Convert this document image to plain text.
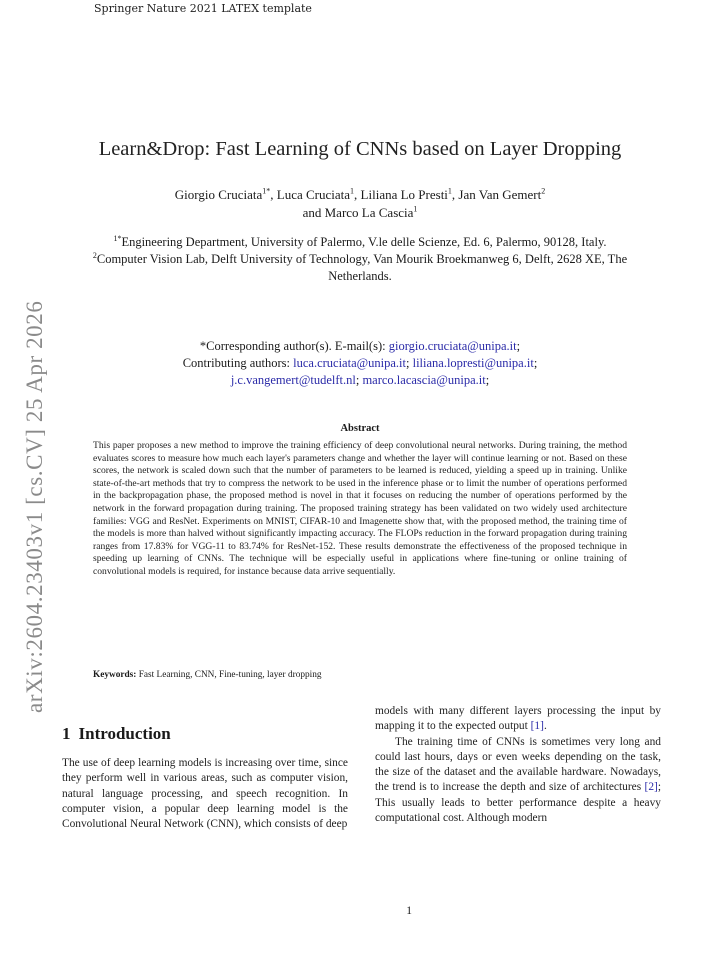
Springer Nature 2021 LATEX template
arXiv:2604.23403v1 [cs.CV] 25 Apr 2026
Learn&Drop: Fast Learning of CNNs based on Layer Dropping
Giorgio Cruciata$^{1*}$, Luca Cruciata$^1$, Liliana Lo Presti$^1$, Jan Van Gemert$^2$
and Marco La Cascia$^1$
$^{1*}$Engineering Department, University of Palermo, V.le delle Scienze, Ed. 6, Palermo, 90128, Italy.
$^2$Computer Vision Lab, Delft University of Technology, Van Mourik Broekmanweg 6, Delft, 2628 XE, The Netherlands.
*Corresponding author(s). E-mail(s): giorgio.cruciata@unipa.it;
Contributing authors: luca.cruciata@unipa.it; liliana.lopresti@unipa.it;
j.c.vangemert@tudelft.nl; marco.lacascia@unipa.it;
Abstract
This paper proposes a new method to improve the training efficiency of deep convolutional neural networks. During training, the method evaluates scores to measure how much each layer's parameters change and whether the layer will continue learning or not. Based on these scores, the network is scaled down such that the number of parameters to be learned is reduced, yielding a speed up in training. Unlike state-of-the-art methods that try to compress the network to be used in the inference phase or to limit the number of operations performed in the backpropagation phase, the proposed method is novel in that it focuses on reducing the number of operations performed by the network in the forward propagation during training. The proposed training strategy has been validated on two widely used architecture families: VGG and ResNet. Experiments on MNIST, CIFAR-10 and Imagenette show that, with the proposed method, the training time of the models is more than halved without significantly impacting accuracy. The FLOPs reduction in the forward propagation during training ranges from 17.83% for VGG-11 to 83.74% for ResNet-152. These results demonstrate the effectiveness of the proposed technique in speeding up learning of CNNs. The technique will be especially useful in applications where fine-tuning or online training of convolutional models is required, for instance because data arrive sequentially.
Keywords: Fast Learning, CNN, Fine-tuning, layer dropping
1 Introduction

The use of deep learning models is increasing over time, since they perform well in various areas, such as computer vision, natural language processing, and speech recognition. In computer vision, a popular deep learning model is the Convolutional Neural Network (CNN), which consists of deep

models with many different layers processing the input by mapping it to the expected output [1].

The training time of CNNs is sometimes very long and could last hours, days or even weeks depending on the task, the size of the dataset and the available hardware. Nowadays, the trend is to increase the depth and size of architectures [2]; This usually leads to better performance despite a heavy computational cost. Although modern

1
